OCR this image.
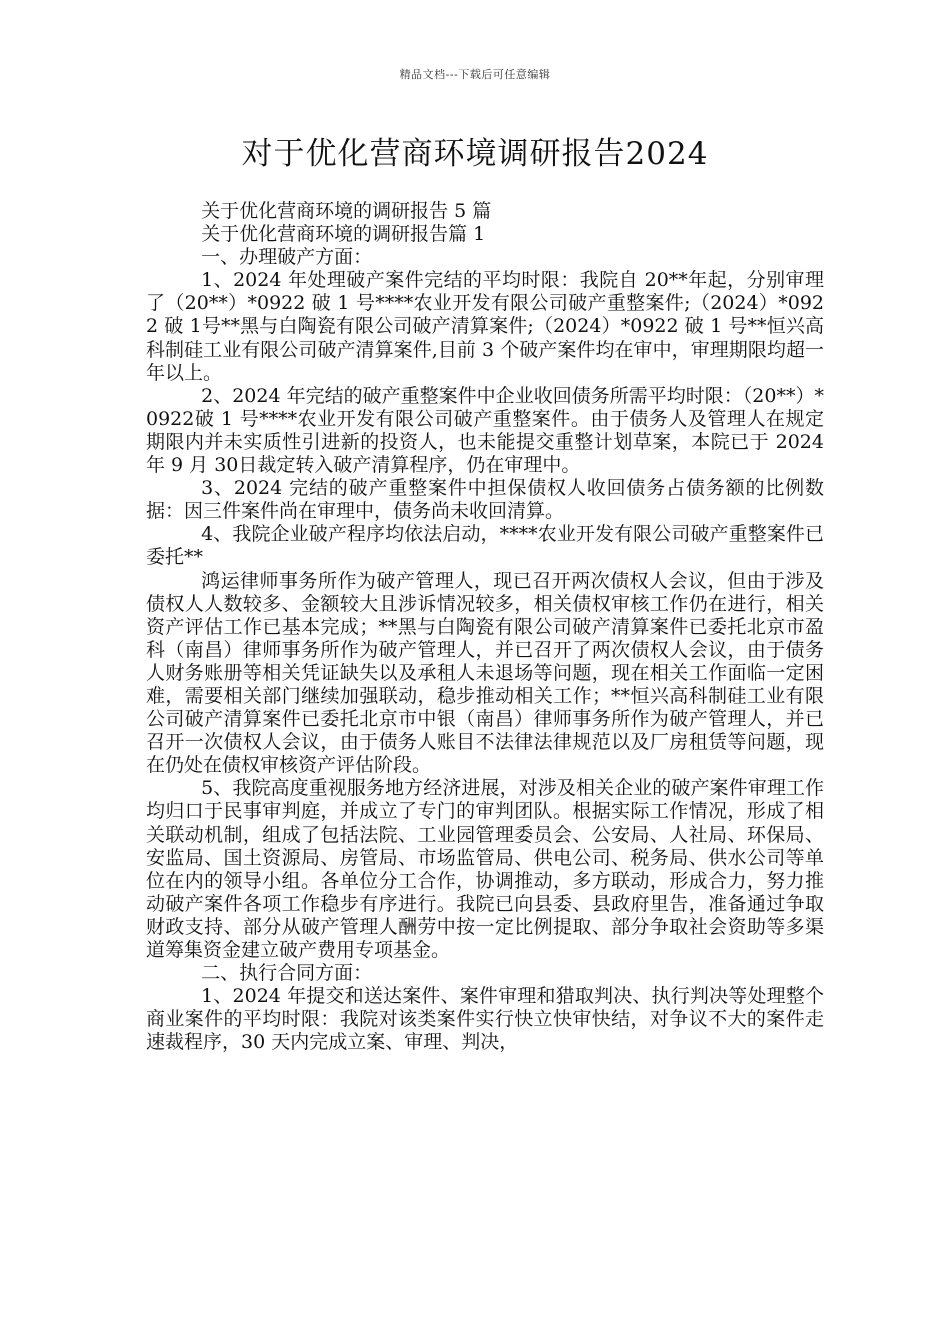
精品文档---下载后可任意编辑
对于优化营商环境调研报告2024

关于优化营商环境的调研报告 5 篇

关于优化营商环境的调研报告篇 1

一、办理破产方面：

1、2024 年处理破产案件完结的平均时限：我院自 20**年起，分别审理了（20**）*0922 破 1 号****农业开发有限公司破产重整案件;（2024）*0922 破 1号**黑与白陶瓷有限公司破产清算案件;（2024）*0922 破 1 号**恒兴高科制硅工业有限公司破产清算案件,目前 3 个破产案件均在审中，审理期限均超一年以上。

2、2024 年完结的破产重整案件中企业收回债务所需平均时限：（20**）*0922破 1 号****农业开发有限公司破产重整案件。由于债务人及管理人在规定期限内并未实质性引进新的投资人，也未能提交重整计划草案，本院已于 2024 年 9 月 30日裁定转入破产清算程序，仍在审理中。

3、2024 完结的破产重整案件中担保债权人收回债务占债务额的比例数据：因三件案件尚在审理中，债务尚未收回清算。

4、我院企业破产程序均依法启动，****农业开发有限公司破产重整案件已委托**

鸿运律师事务所作为破产管理人，现已召开两次债权人会议，但由于涉及债权人人数较多、金额较大且涉诉情况较多，相关债权审核工作仍在进行，相关资产评估工作已基本完成；**黑与白陶瓷有限公司破产清算案件已委托北京市盈科（南昌）律师事务所作为破产管理人，并已召开了两次债权人会议，由于债务人财务账册等相关凭证缺失以及承租人未退场等问题，现在相关工作面临一定困难，需要相关部门继续加强联动，稳步推动相关工作；**恒兴高科制硅工业有限公司破产清算案件已委托北京市中银（南昌）律师事务所作为破产管理人，并已召开一次债权人会议，由于债务人账目不法律法律规范以及厂房租赁等问题，现在仍处在债权审核资产评估阶段。

5、我院高度重视服务地方经济进展，对涉及相关企业的破产案件审理工作均归口于民事审判庭，并成立了专门的审判团队。根据实际工作情况，形成了相关联动机制，组成了包括法院、工业园管理委员会、公安局、人社局、环保局、安监局、国土资源局、房管局、市场监管局、供电公司、税务局、供水公司等单位在内的领导小组。各单位分工合作，协调推动，多方联动，形成合力，努力推动破产案件各项工作稳步有序进行。我院已向县委、县政府里告，准备通过争取财政支持、部分从破产管理人酬劳中按一定比例提取、部分争取社会资助等多渠道筹集资金建立破产费用专项基金。

二、执行合同方面：

1、2024 年提交和送达案件、案件审理和猎取判决、执行判决等处理整个商业案件的平均时限：我院对该类案件实行快立快审快结，对争议不大的案件走速裁程序，30 天内完成立案、审理、判决，
